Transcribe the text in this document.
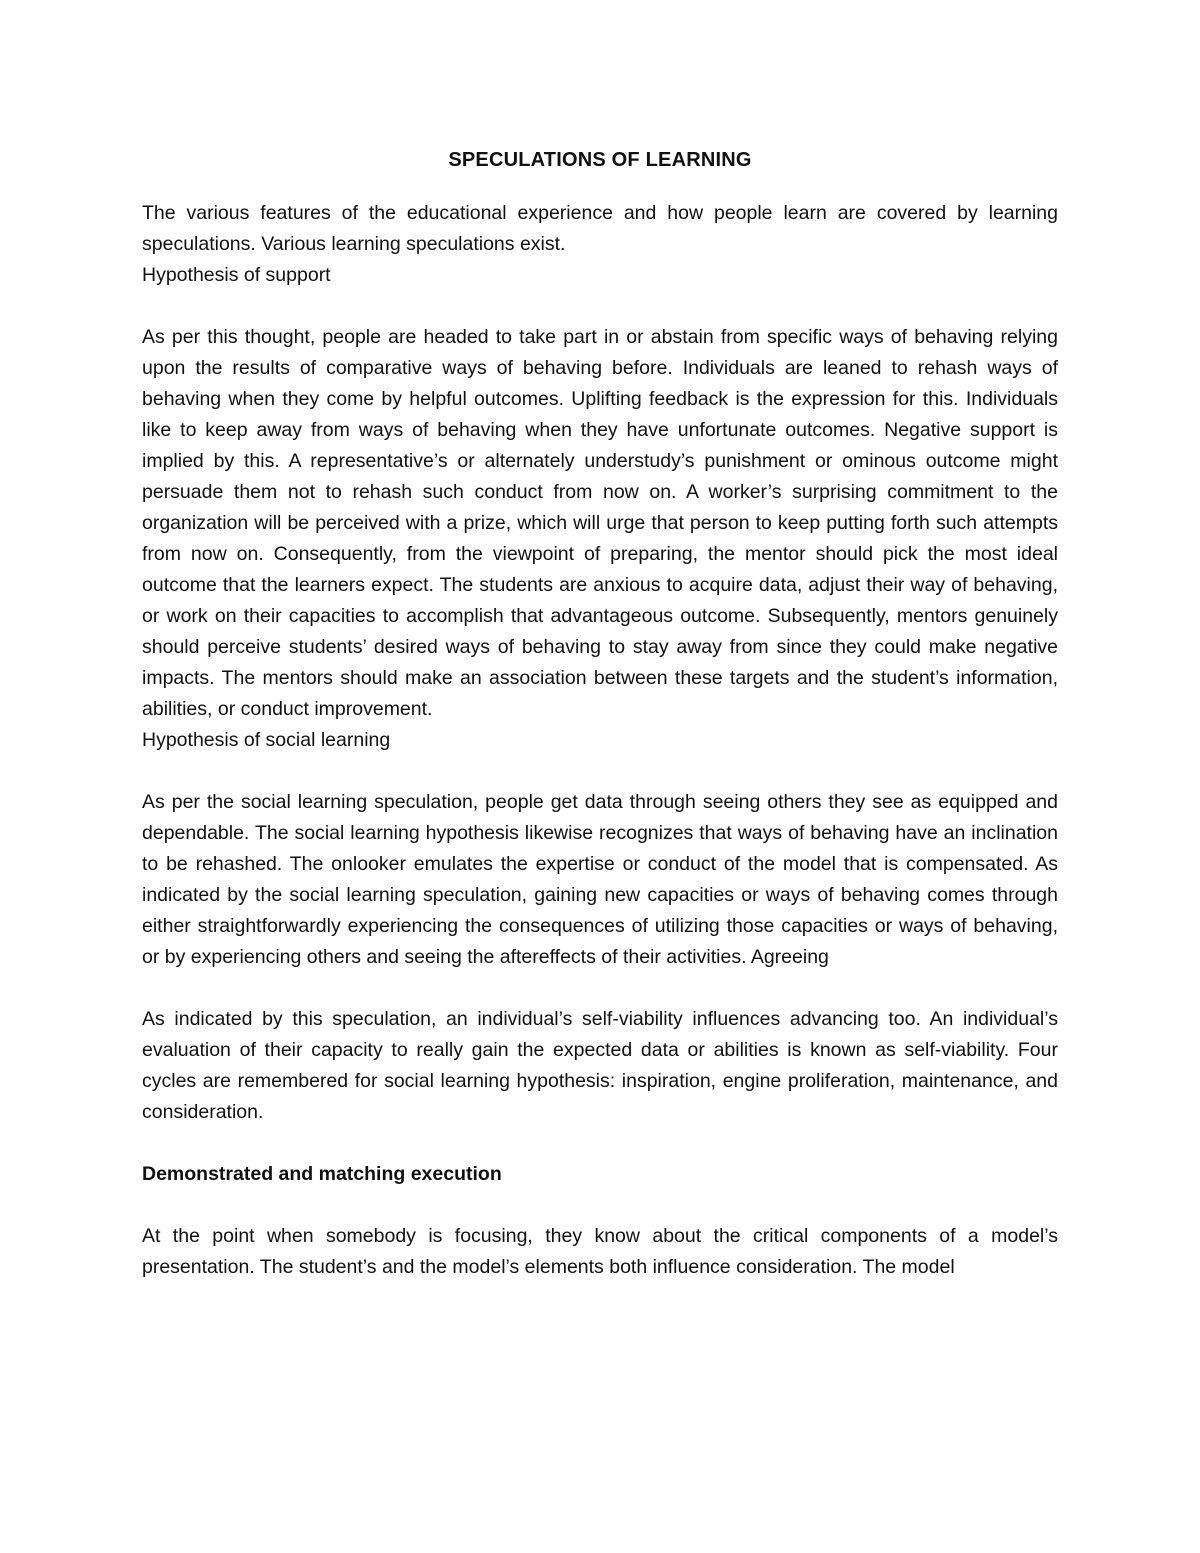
SPECULATIONS OF LEARNING

The various features of the educational experience and how people learn are covered by learning speculations. Various learning speculations exist.

Hypothesis of support

As per this thought, people are headed to take part in or abstain from specific ways of behaving relying upon the results of comparative ways of behaving before. Individuals are leaned to rehash ways of behaving when they come by helpful outcomes. Uplifting feedback is the expression for this. Individuals like to keep away from ways of behaving when they have unfortunate outcomes. Negative support is implied by this. A representative’s or alternately understudy’s punishment or ominous outcome might persuade them not to rehash such conduct from now on. A worker’s surprising commitment to the organization will be perceived with a prize, which will urge that person to keep putting forth such attempts from now on. Consequently, from the viewpoint of preparing, the mentor should pick the most ideal outcome that the learners expect. The students are anxious to acquire data, adjust their way of behaving, or work on their capacities to accomplish that advantageous outcome. Subsequently, mentors genuinely should perceive students’ desired ways of behaving to stay away from since they could make negative impacts. The mentors should make an association between these targets and the student’s information, abilities, or conduct improvement.

Hypothesis of social learning

As per the social learning speculation, people get data through seeing others they see as equipped and dependable. The social learning hypothesis likewise recognizes that ways of behaving have an inclination to be rehashed. The onlooker emulates the expertise or conduct of the model that is compensated. As indicated by the social learning speculation, gaining new capacities or ways of behaving comes through either straightforwardly experiencing the consequences of utilizing those capacities or ways of behaving, or by experiencing others and seeing the aftereffects of their activities. Agreeing

As indicated by this speculation, an individual’s self-viability influences advancing too. An individual’s evaluation of their capacity to really gain the expected data or abilities is known as self-viability. Four cycles are remembered for social learning hypothesis: inspiration, engine proliferation, maintenance, and consideration.

Demonstrated and matching execution

At the point when somebody is focusing, they know about the critical components of a model’s presentation. The student’s and the model’s elements both influence consideration. The model
